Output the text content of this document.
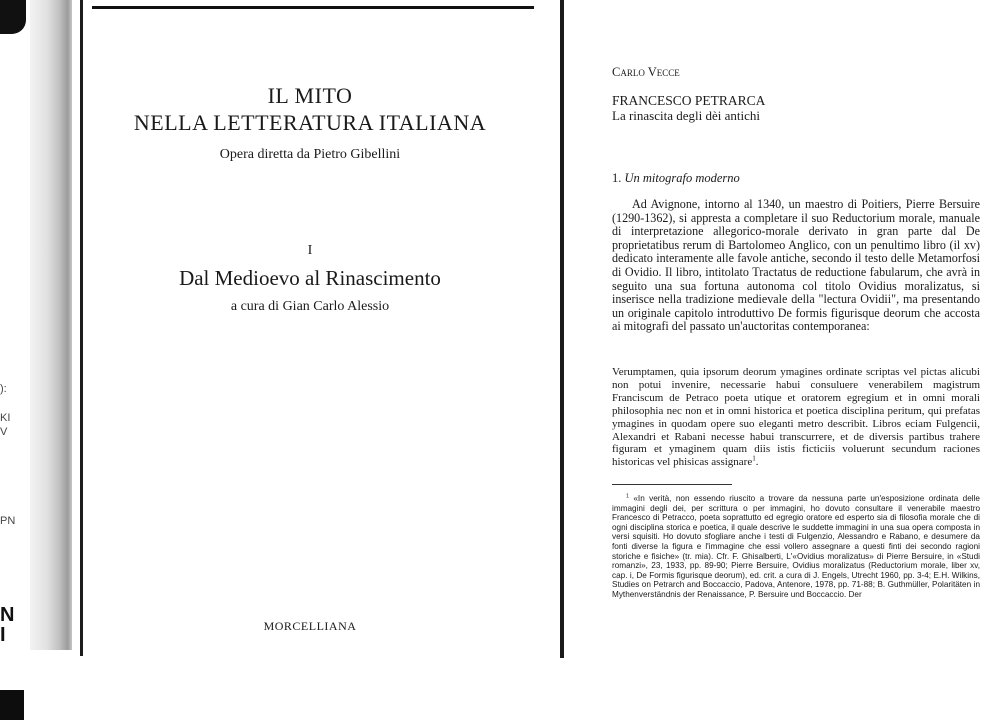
):
KI
V
PN
N
I
IL MITO
NELLA LETTERATURA ITALIANA
Opera diretta da Pietro Gibellini
I
Dal Medioevo al Rinascimento
a cura di Gian Carlo Alessio
MORCELLIANA
Carlo Vecce
FRANCESCO PETRARCA
La rinascita degli dèi antichi
1. Un mitografo moderno
Ad Avignone, intorno al 1340, un maestro di Poitiers, Pierre Bersuire (1290-1362), si appresta a completare il suo Reductorium morale, manuale di interpretazione allegorico-morale derivato in gran parte dal De proprietatibus rerum di Bartolomeo Anglico, con un penultimo libro (il xv) dedicato interamente alle favole antiche, secondo il testo delle Metamorfosi di Ovidio. Il libro, intitolato Tractatus de reductione fabularum, che avrà in seguito una sua fortuna autonoma col titolo Ovidius moralizatus, si inserisce nella tradizione medievale della "lectura Ovidii", ma presentando un originale capitolo introduttivo De formis figurisque deorum che accosta ai mitografi del passato un'auctoritas contemporanea:
Verumptamen, quia ipsorum deorum ymagines ordinate scriptas vel pictas alicubi non potui invenire, necessarie habui consuluere venerabilem magistrum Franciscum de Petraco poeta utique et oratorem egregium et in omni morali philosophia nec non et in omni historica et poetica disciplina peritum, qui prefatas ymagines in quodam opere suo eleganti metro describit. Libros eciam Fulgencii, Alexandri et Rabani necesse habui transcurrere, et de diversis partibus trahere figuram et ymaginem quam diis istis ficticiis voluerunt secundum raciones historicas vel phisicas assignare$^1$.
$^1$ «In verità, non essendo riuscito a trovare da nessuna parte un'esposizione ordinata delle immagini degli dei, per scrittura o per immagini, ho dovuto consultare il venerabile maestro Francesco di Petracco, poeta soprattutto ed egregio oratore ed esperto sia di filosofia morale che di ogni disciplina storica e poetica, il quale descrive le suddette immagini in una sua opera composta in versi squisiti. Ho dovuto sfogliare anche i testi di Fulgenzio, Alessandro e Rabano, e desumere da fonti diverse la figura e l'immagine che essi vollero assegnare a questi finti dei secondo ragioni storiche e fisiche» (tr. mia). Cfr. F. Ghisalberti, L'«Ovidius moralizatus» di Pierre Bersuire, in «Studi romanzi», 23, 1933, pp. 89-90; Pierre Bersuire, Ovidius moralizatus (Reductorium morale, liber xv, cap. i, De Formis figurisque deorum), ed. crit. a cura di J. Engels, Utrecht 1960, pp. 3-4; E.H. Wilkins, Studies on Petrarch and Boccaccio, Padova, Antenore, 1978, pp. 71-88; B. Guthmüller, Polaritäten in Mythenverständnis der Renaissance, P. Bersuire und Boccaccio. Der
